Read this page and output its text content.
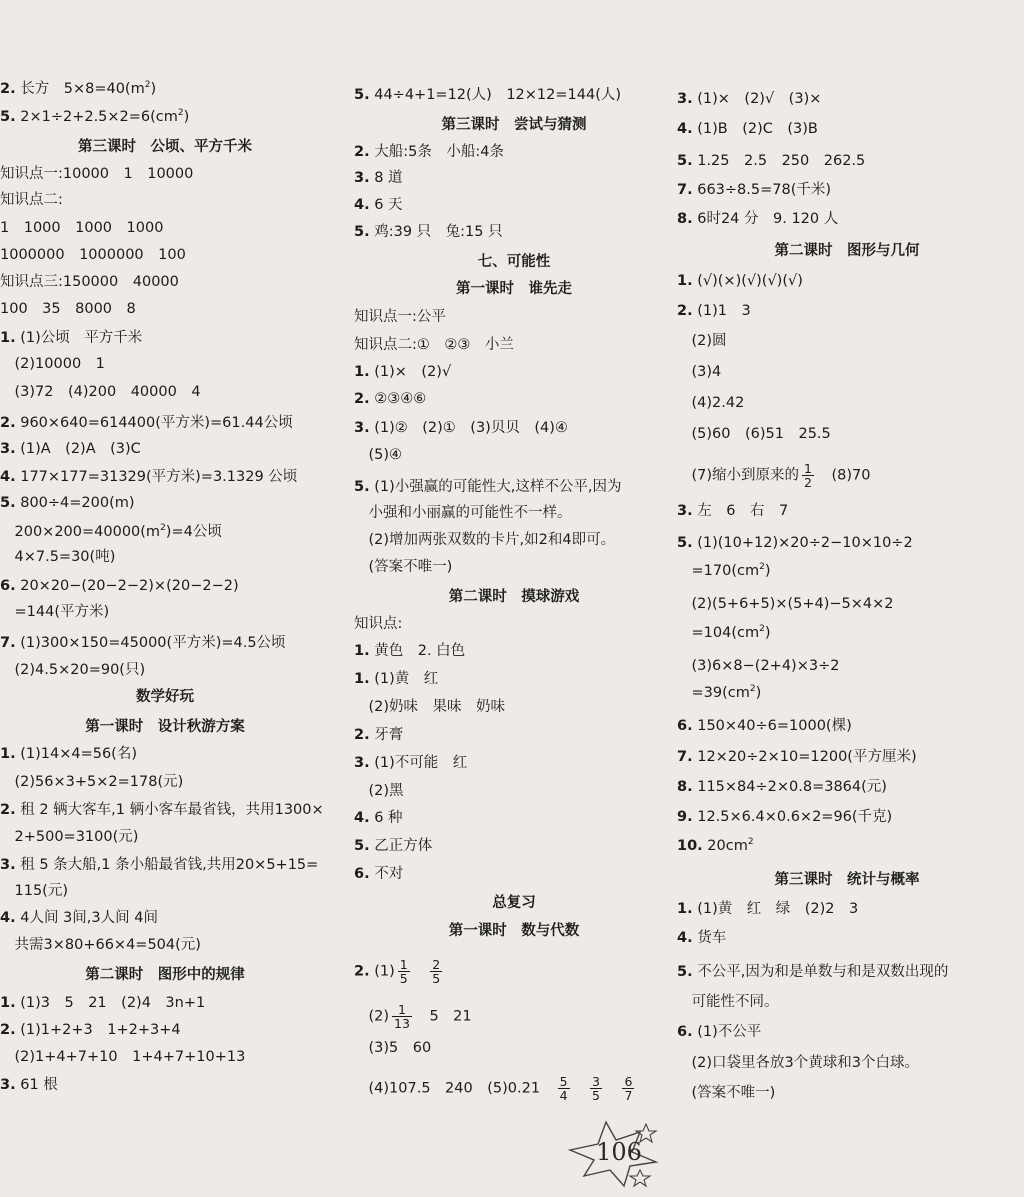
2. 长方　$5\times 8=40(m^2)$
5. $2\times 1\div 2+2.5\times 2=6(cm^2)$
第三课时　公顷、平方千米
知识点一:10000　1　10000
知识点二:
1　1000　1000　1000
1000000　1000000　100
知识点三:150000　40000
100　35　8000　8
1. (1)公顷　平方千米
　(2)10000　1
　(3)72　(4)200　40000　4
2. 960×640=614400(平方米)=61.44公顷
3. (1)A　(2)A　(3)C
4. 177×177=31329(平方米)=3.1329 公顷
5. 800÷4=200(m)
　$200\times 200=40000(m^2)=4$公顷
　4×7.5=30(吨)
6. 20×20−(20−2−2)×(20−2−2)
　=144(平方米)
7. (1)300×150=45000(平方米)=4.5公顷
　(2)4.5×20=90(只)
数学好玩
第一课时　设计秋游方案
1. (1)14×4=56(名)
　(2)56×3+5×2=178(元)
2. 租 2 辆大客车,1 辆小客车最省钱，共用1300×
　2+500=3100(元)
3. 租 5 条大船,1 条小船最省钱,共用20×5+15=
　115(元)
4. 4人间 3间,3人间 4间
　共需3×80+66×4=504(元)
第二课时　图形中的规律
1. (1)3　5　21　(2)4　3n+1
2. (1)1+2+3　1+2+3+4
　(2)1+4+7+10　1+4+7+10+13
3. 61 根
5. 44÷4+1=12(人)　12×12=144(人)
第三课时　尝试与猜测
2. 大船:5条　小船:4条
3. 8 道
4. 6 天
5. 鸡:39 只　兔:15 只
七、可能性
第一课时　谁先走
知识点一:公平
知识点二:①　②③　小兰
1. (1)×　(2)√
2. ②③④⑥
3. (1)②　(2)①　(3)贝贝　(4)④
　(5)④
5. (1)小强赢的可能性大,这样不公平,因为
　小强和小丽赢的可能性不一样。
　(2)增加两张双数的卡片,如2和4即可。
　(答案不唯一)
第二课时　摸球游戏
知识点:
1. 黄色　2. 白色
1. (1)黄　红
　(2)奶味　果味　奶味
2. 牙膏
3. (1)不可能　红
　(2)黑
4. 6 种
5. 乙正方体
6. 不对
总复习
第一课时　数与代数
2. $(1) \frac{1}{5}$
　 $\frac{2}{5}$
　$(2) \frac{1}{13}$ 　5　21
　(3)5　60
　(4)107.5　240　(5)0.21　 $\frac{5}{4}$
　 $\frac{3}{5}$
　 $\frac{6}{7}$
3. (1)×　(2)√　(3)×
4. (1)B　(2)C　(3)B
5. 1.25　2.5　250　262.5
7. 663÷8.5=78(千米)
8. 6时24 分　9. 120 人
第二课时　图形与几何
1. (√)(×)(√)(√)(√)
2. (1)1　3
　(2)圆
　(3)4
　(4)2.42
　(5)60　(6)51　25.5
　(7)缩小到原来的 $\frac{1}{2}$ 　(8)70
3. 左　6　右　7
5. (1)(10+12)×20÷2−10×10÷2
　$=170(cm^2)$
　(2)(5+6+5)×(5+4)−5×4×2
　$=104(cm^2)$
　(3)6×8−(2+4)×3÷2
　$=39(cm^2)$
6. 150×40÷6=1000(棵)
7. 12×20÷2×10=1200(平方厘米)
8. 115×84÷2×0.8=3864(元)
9. 12.5×6.4×0.6×2=96(千克)
10. $20cm^2$
第三课时　统计与概率
1. (1)黄　红　绿　(2)2　3
4. 货车
5. 不公平,因为和是单数与和是双数出现的
　可能性不同。
6. (1)不公平
　(2)口袋里各放3个黄球和3个白球。
　(答案不唯一)
106
